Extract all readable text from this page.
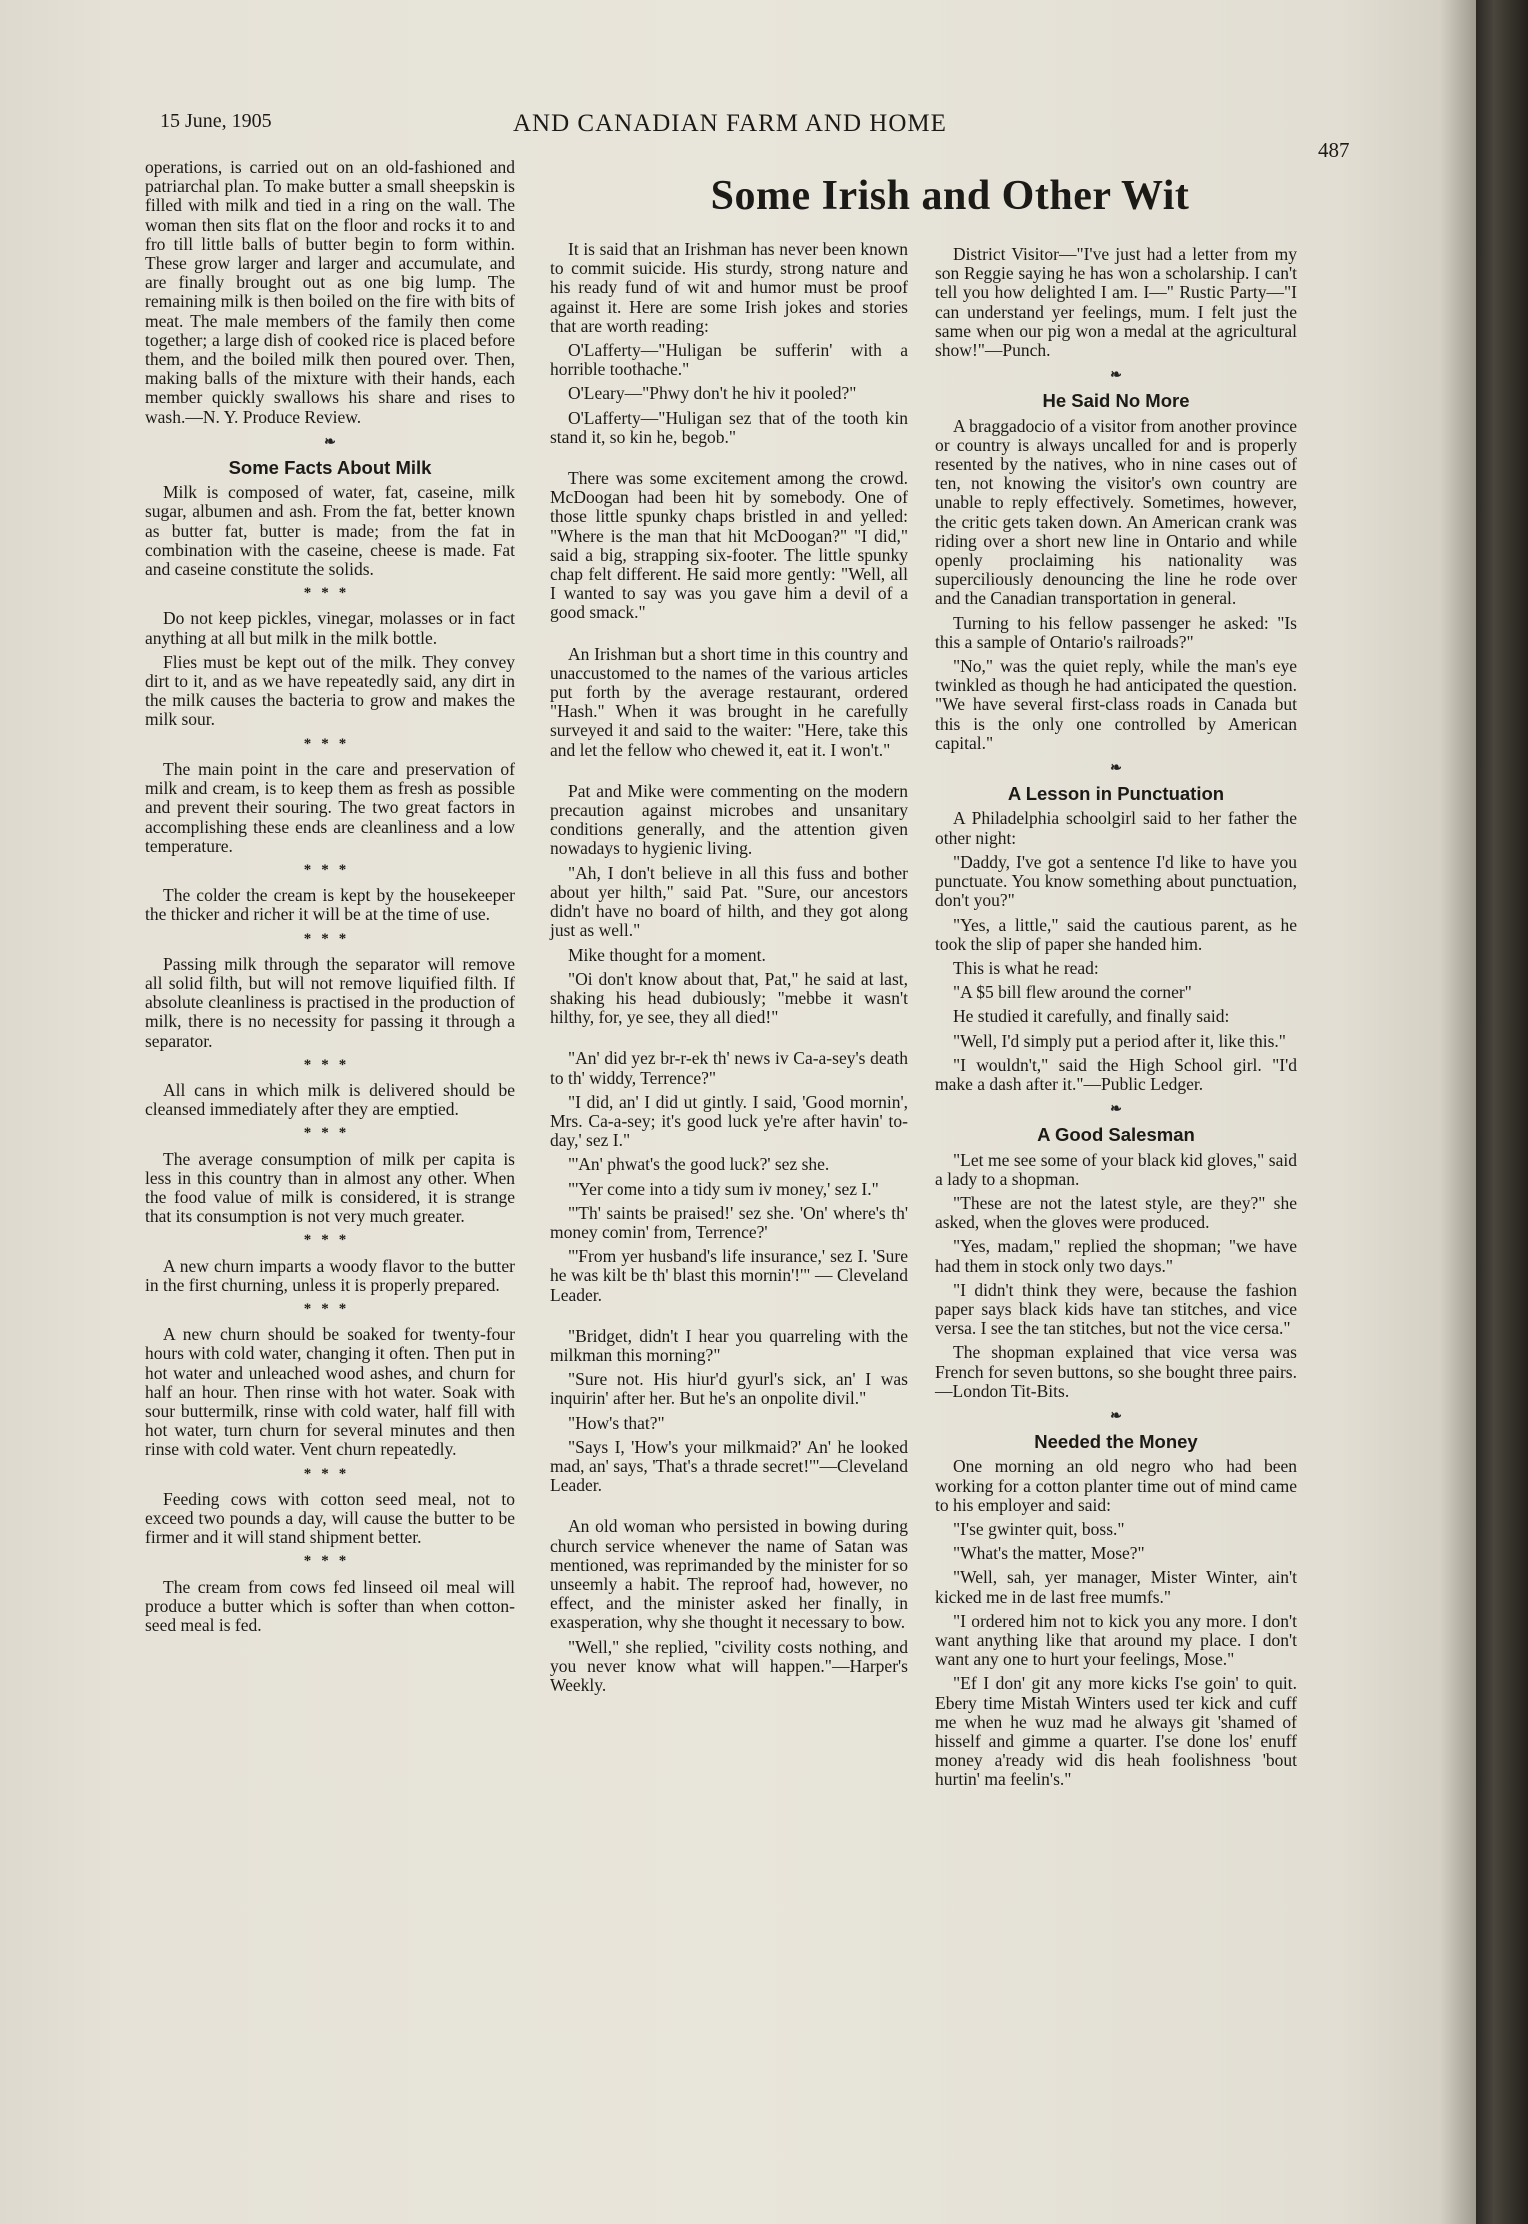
15 June, 1905	AND CANADIAN FARM AND HOME
487
Some Irish and Other Wit

operations, is carried out on an old-fashioned and patriarchal plan. To make butter a small sheepskin is filled with milk and tied in a ring on the wall. The woman then sits flat on the floor and rocks it to and fro till little balls of butter begin to form within. These grow larger and larger and accumulate, and are finally brought out as one big lump. The remaining milk is then boiled on the fire with bits of meat. The male members of the family then come together; a large dish of cooked rice is placed before them, and the boiled milk then poured over. Then, making balls of the mixture with their hands, each member quickly swallows his share and rises to wash.—N. Y. Produce Review.

❧
Some Facts About Milk

Milk is composed of water, fat, caseine, milk sugar, albumen and ash. From the fat, better known as butter fat, butter is made; from the fat in combination with the caseine, cheese is made. Fat and caseine constitute the solids.

***

Do not keep pickles, vinegar, molasses or in fact anything at all but milk in the milk bottle.

Flies must be kept out of the milk. They convey dirt to it, and as we have repeatedly said, any dirt in the milk causes the bacteria to grow and makes the milk sour.

***

The main point in the care and preservation of milk and cream, is to keep them as fresh as possible and prevent their souring. The two great factors in accomplishing these ends are cleanliness and a low temperature.

***

The colder the cream is kept by the housekeeper the thicker and richer it will be at the time of use.

***

Passing milk through the separator will remove all solid filth, but will not remove liquified filth. If absolute cleanliness is practised in the production of milk, there is no necessity for passing it through a separator.

***

All cans in which milk is delivered should be cleansed immediately after they are emptied.

***

The average consumption of milk per capita is less in this country than in almost any other. When the food value of milk is considered, it is strange that its consumption is not very much greater.

***

A new churn imparts a woody flavor to the butter in the first churning, unless it is properly prepared.

***

A new churn should be soaked for twenty-four hours with cold water, changing it often. Then put in hot water and unleached wood ashes, and churn for half an hour. Then rinse with hot water. Soak with sour buttermilk, rinse with cold water, half fill with hot water, turn churn for several minutes and then rinse with cold water. Vent churn repeatedly.

***

Feeding cows with cotton seed meal, not to exceed two pounds a day, will cause the butter to be firmer and it will stand shipment better.

***

The cream from cows fed linseed oil meal will produce a butter which is softer than when cotton-seed meal is fed.

It is said that an Irishman has never been known to commit suicide. His sturdy, strong nature and his ready fund of wit and humor must be proof against it. Here are some Irish jokes and stories that are worth reading:

O'Lafferty—"Huligan be sufferin' with a horrible toothache."

O'Leary—"Phwy don't he hiv it pooled?"

O'Lafferty—"Huligan sez that of the tooth kin stand it, so kin he, begob."

There was some excitement among the crowd. McDoogan had been hit by somebody. One of those little spunky chaps bristled in and yelled: "Where is the man that hit McDoogan?" "I did," said a big, strapping six-footer. The little spunky chap felt different. He said more gently: "Well, all I wanted to say was you gave him a devil of a good smack."

An Irishman but a short time in this country and unaccustomed to the names of the various articles put forth by the average restaurant, ordered "Hash." When it was brought in he carefully surveyed it and said to the waiter: "Here, take this and let the fellow who chewed it, eat it. I won't."

Pat and Mike were commenting on the modern precaution against microbes and unsanitary conditions generally, and the attention given nowadays to hygienic living.

"Ah, I don't believe in all this fuss and bother about yer hilth," said Pat. "Sure, our ancestors didn't have no board of hilth, and they got along just as well."

Mike thought for a moment.

"Oi don't know about that, Pat," he said at last, shaking his head dubiously; "mebbe it wasn't hilthy, for, ye see, they all died!"

"An' did yez br-r-ek th' news iv Ca-a-sey's death to th' widdy, Terrence?"

"I did, an' I did ut gintly. I said, 'Good mornin', Mrs. Ca-a-sey; it's good luck ye're after havin' to-day,' sez I."

"'An' phwat's the good luck?' sez she.

"'Yer come into a tidy sum iv money,' sez I."

"'Th' saints be praised!' sez she. 'On' where's th' money comin' from, Terrence?'

"'From yer husband's life insurance,' sez I. 'Sure he was kilt be th' blast this mornin'!'" — Cleveland Leader.

"Bridget, didn't I hear you quarreling with the milkman this morning?"

"Sure not. His hiur'd gyurl's sick, an' I was inquirin' after her. But he's an onpolite divil."

"How's that?"

"Says I, 'How's your milkmaid?' An' he looked mad, an' says, 'That's a thrade secret!'"—Cleveland Leader.

An old woman who persisted in bowing during church service whenever the name of Satan was mentioned, was reprimanded by the minister for so unseemly a habit. The reproof had, however, no effect, and the minister asked her finally, in exasperation, why she thought it necessary to bow.

"Well," she replied, "civility costs nothing, and you never know what will happen."—Harper's Weekly.

District Visitor—"I've just had a letter from my son Reggie saying he has won a scholarship. I can't tell you how delighted I am. I—" Rustic Party—"I can understand yer feelings, mum. I felt just the same when our pig won a medal at the agricultural show!"—Punch.

❧
He Said No More

A braggadocio of a visitor from another province or country is always uncalled for and is properly resented by the natives, who in nine cases out of ten, not knowing the visitor's own country are unable to reply effectively. Sometimes, however, the critic gets taken down. An American crank was riding over a short new line in Ontario and while openly proclaiming his nationality was superciliously denouncing the line he rode over and the Canadian transportation in general.

Turning to his fellow passenger he asked: "Is this a sample of Ontario's railroads?"

"No," was the quiet reply, while the man's eye twinkled as though he had anticipated the question. "We have several first-class roads in Canada but this is the only one controlled by American capital."

❧
A Lesson in Punctuation

A Philadelphia schoolgirl said to her father the other night:

"Daddy, I've got a sentence I'd like to have you punctuate. You know something about punctuation, don't you?"

"Yes, a little," said the cautious parent, as he took the slip of paper she handed him.

This is what he read:

"A $5 bill flew around the corner"

He studied it carefully, and finally said:

"Well, I'd simply put a period after it, like this."

"I wouldn't," said the High School girl. "I'd make a dash after it."—Public Ledger.

❧
A Good Salesman

"Let me see some of your black kid gloves," said a lady to a shopman.

"These are not the latest style, are they?" she asked, when the gloves were produced.

"Yes, madam," replied the shopman; "we have had them in stock only two days."

"I didn't think they were, because the fashion paper says black kids have tan stitches, and vice versa. I see the tan stitches, but not the vice cersa."

The shopman explained that vice versa was French for seven buttons, so she bought three pairs.—London Tit-Bits.

❧
Needed the Money

One morning an old negro who had been working for a cotton planter time out of mind came to his employer and said:

"I'se gwinter quit, boss."

"What's the matter, Mose?"

"Well, sah, yer manager, Mister Winter, ain't kicked me in de last free mumfs."

"I ordered him not to kick you any more. I don't want anything like that around my place. I don't want any one to hurt your feelings, Mose."

"Ef I don' git any more kicks I'se goin' to quit. Ebery time Mistah Winters used ter kick and cuff me when he wuz mad he always git 'shamed of hisself and gimme a quarter. I'se done los' enuff money a'ready wid dis heah foolishness 'bout hurtin' ma feelin's."
